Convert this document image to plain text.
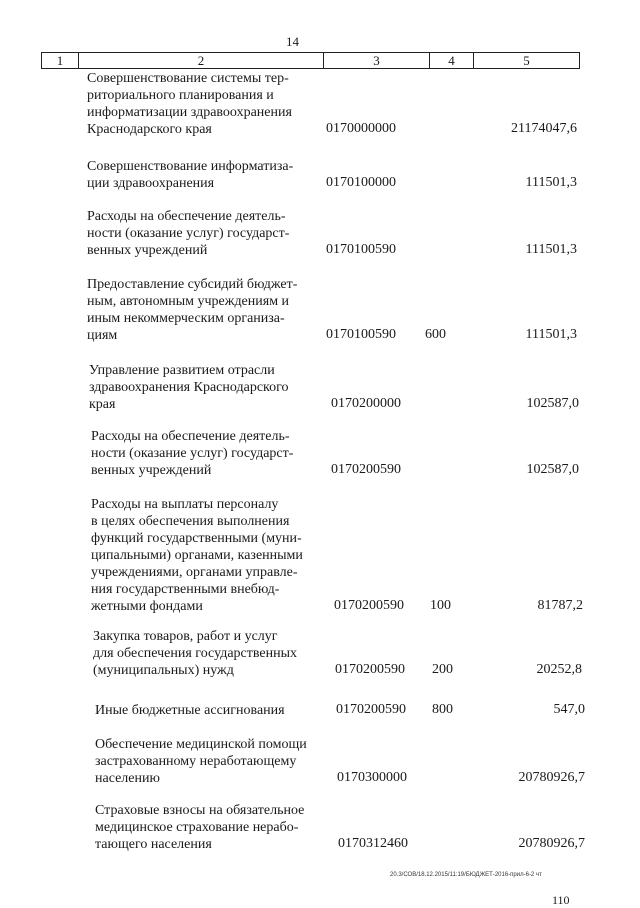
14
1	2	3	4	5
Совершенствование системы тер-
риториального планирования и
информатизации здравоохранения
Краснодарского края	0170000000	21174047,6
Совершенствование информатиза-
ции здравоохранения	0170100000	111501,3
Расходы на обеспечение деятель-
ности (оказание услуг) государст-
венных учреждений	0170100590	111501,3
Предоставление субсидий бюджет-
ным, автономным учреждениям и
иным некоммерческим организа-
циям	0170100590 600	111501,3
Управление развитием отрасли
здравоохранения Краснодарского
края	0170200000	102587,0
Расходы на обеспечение деятель-
ности (оказание услуг) государст-
венных учреждений	0170200590	102587,0
Расходы на выплаты персоналу
в целях обеспечения выполнения
функций государственными (муни-
ципальными) органами, казенными
учреждениями, органами управле-
ния государственными внебюд-
жетными фондами	0170200590 100	81787,2
Закупка товаров, работ и услуг
для обеспечения государственных
(муниципальных) нужд	0170200590 200	20252,8
Иные бюджетные ассигнования	0170200590 800	547,0
Обеспечение медицинской помощи
застрахованному неработающему
населению	0170300000	20780926,7
Страховые взносы на обязательное
медицинское страхование нерабо-
тающего населения	0170312460	20780926,7
20.3/СОВ/18.12.2015/11:19/БЮДЖЕТ-2016-прил-6-2 чт
110
